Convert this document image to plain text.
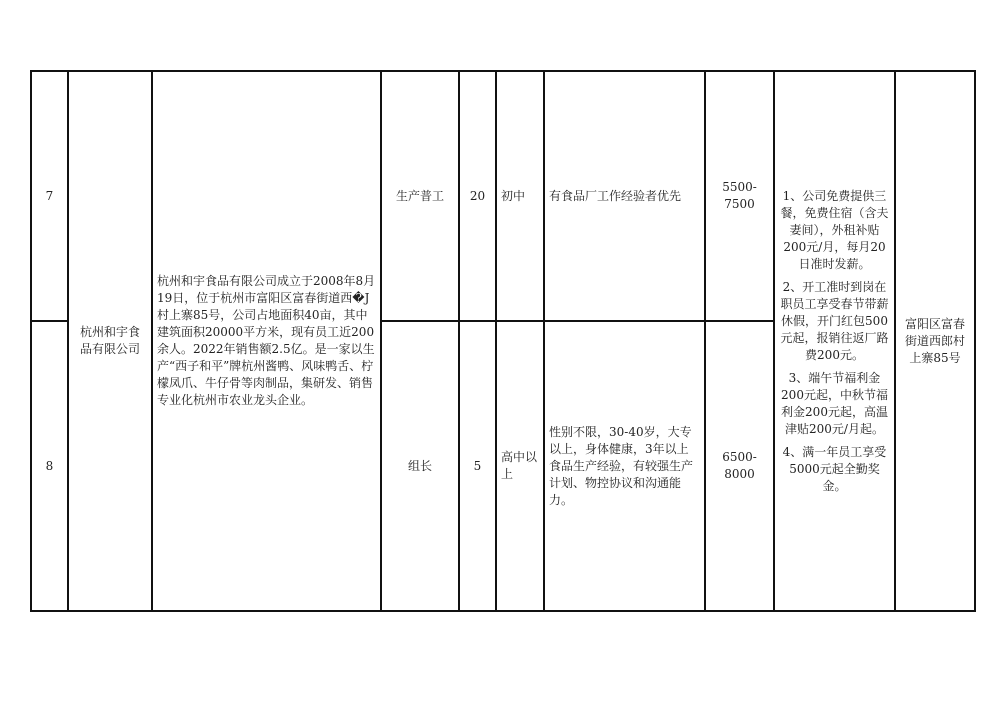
7	杭州和宇食品有限公司	杭州和宇食品有限公司成立于2008年8月19日，位于杭州市富阳区富春街道西�J村上寨85号，公司占地面积40亩，其中建筑面积20000平方米，现有员工近200余人。2022年销售额2.5亿。是一家以生产“西子和平”牌杭州酱鸭、风味鸭舌、柠檬凤爪、牛仔骨等肉制品，集研发、销售专业化杭州市农业龙头企业。	生产普工	20	初中	有食品厂工作经验者优先	5500-7500	1、公司免费提供三餐，免费住宿（含夫妻间），外租补贴200元/月，每月20日准时发薪。
2、开工准时到岗在职员工享受春节带薪休假，开门红包500元起，报销往返厂路费200元。
3、端午节福利金200元起，中秋节福利金200元起，高温津贴200元/月起。
4、满一年员工享受5000元起全勤奖金。	富阳区富春街道西郎村上寨85号
8			组长	5	高中以上	性别不限，30-40岁，大专以上，身体健康，3年以上食品生产经验，有较强生产计划、物控协议和沟通能力。	6500-8000		
